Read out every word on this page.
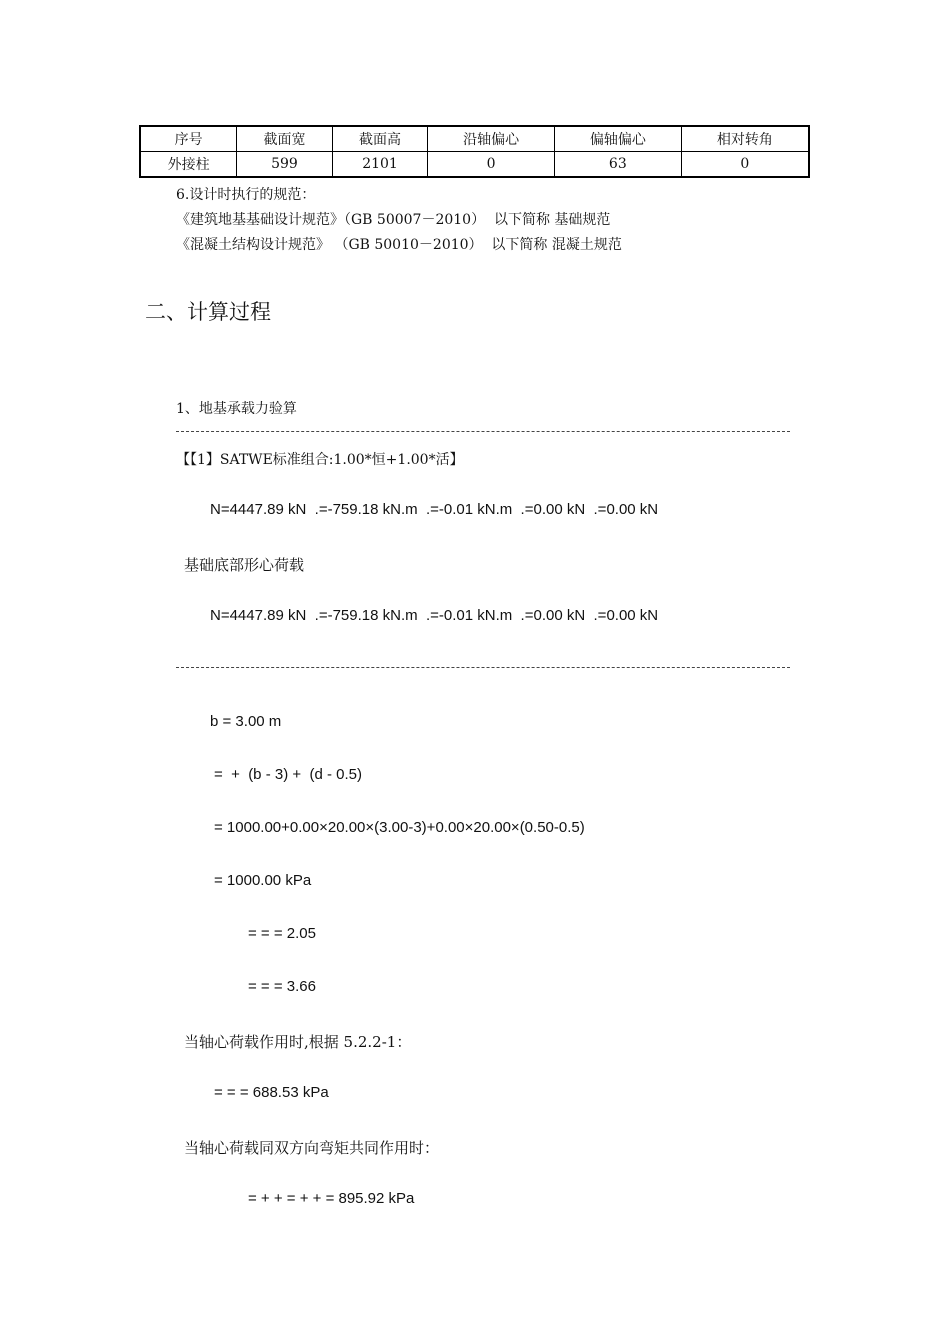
序号	截面宽	截面高	沿轴偏心	偏轴偏心	相对转角
外接柱	599	2101	0	63	0
6.设计时执行的规范：
《建筑地基基础设计规范》（GB 50007－2010）  以下简称 基础规范
《混凝土结构设计规范》 （GB 50010－2010）  以下简称 混凝土规范
二、计算过程
1、地基承载力验算
【【1】SATWE标准组合:1.00*恒+1.00*活】
N=4447.89 kN  .=-759.18 kN.m  .=-0.01 kN.m  .=0.00 kN  .=0.00 kN
基础底部形心荷载
N=4447.89 kN  .=-759.18 kN.m  .=-0.01 kN.m  .=0.00 kN  .=0.00 kN
b = 3.00 m
=  +  (b - 3) +  (d - 0.5)
= 1000.00+0.00×20.00×(3.00-3)+0.00×20.00×(0.50-0.5)
= 1000.00 kPa
= = = 2.05
= = = 3.66
当轴心荷载作用时,根据 5.2.2-1：
= = = 688.53 kPa
当轴心荷载同双方向弯矩共同作用时：
= + + = + + = 895.92 kPa
